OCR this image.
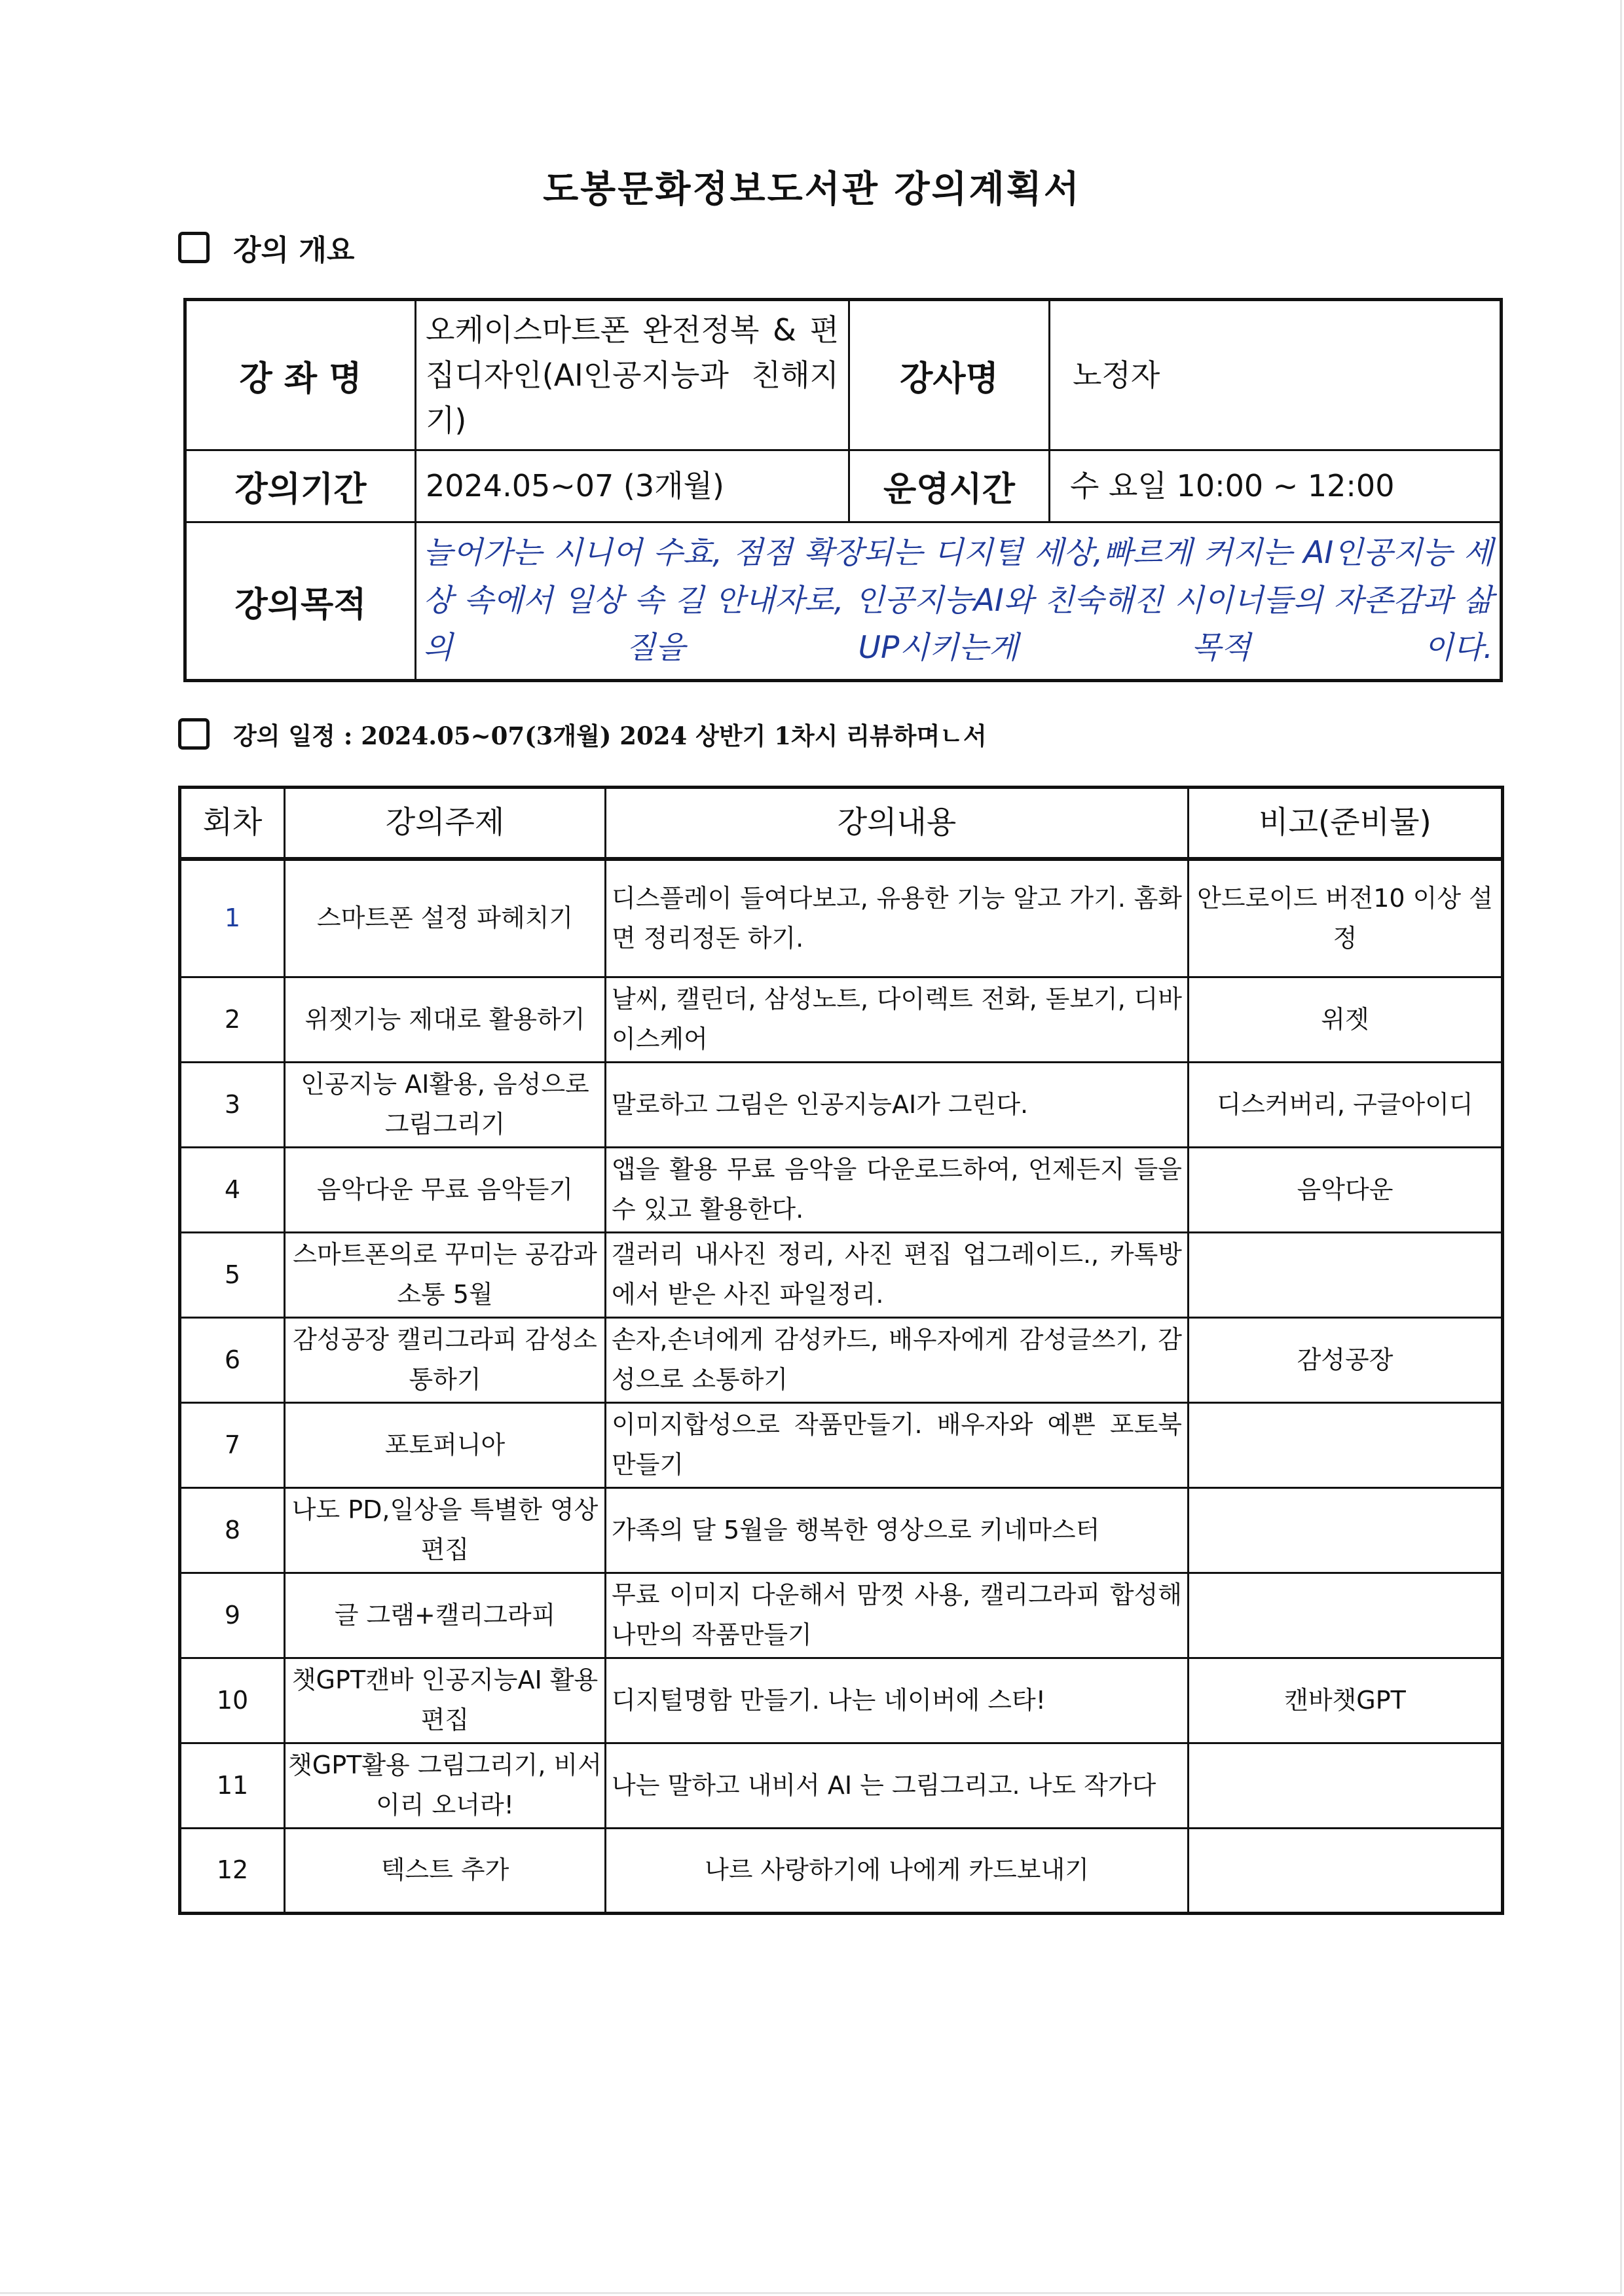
도봉문화정보도서관 강의계획서
강의 개요
강 좌 명	오케이스마트폰 완전정복 & 편집디자인(AI인공지능과 친해지기)	강사명	노정자
강의기간	2024.05~07 (3개월)	운영시간	수 요일 10:00 ~ 12:00
강의목적	늘어가는 시니어 수효, 점점 확장되는 디지털 세상,빠르게 커지는 AI인공지능 세상 속에서 일상 속 길 안내자로, 인공지능AI와 친숙해진 시이너들의 자존감과 삶의 질을 UP시키는게 목적 이다.		
강의 일정 : 2024.05~07(3개월) 2024 상반기 1차시 리뷰하며ㄴ서
회차	강의주제	강의내용	비고(준비물)
1	스마트폰 설정 파헤치기	디스플레이 들여다보고, 유용한 기능 알고 가기. 홈화면 정리정돈 하기.	안드로이드 버전10 이상 설정
2	위젯기능 제대로 활용하기	날씨, 캘린더, 삼성노트, 다이렉트 전화, 돋보기, 디바이스케어	위젯
3	인공지능 AI활용, 음성으로 그림그리기	말로하고 그림은 인공지능AI가 그린다.	디스커버리, 구글아이디
4	음악다운 무료 음악듣기	앱을 활용 무료 음악을 다운로드하여, 언제든지 들을 수 있고 활용한다.	음악다운
5	스마트폰의로 꾸미는 공감과 소통 5월	갤러리 내사진 정리, 사진 편집 업그레이드., 카톡방에서 받은 사진 파일정리.	
6	감성공장 캘리그라피 감성소통하기	손자,손녀에게 감성카드, 배우자에게 감성글쓰기, 감성으로 소통하기	감성공장
7	포토퍼니아	이미지합성으로 작품만들기. 배우자와 예쁜 포토북 만들기	
8	나도 PD,일상을 특별한 영상 편집	가족의 달 5월을 행복한 영상으로 키네마스터	
9	글 그램+캘리그라피	무료 이미지 다운해서 맘껏 사용, 캘리그라피 합성해 나만의 작품만들기	
10	챗GPT캔바 인공지능AI 활용 편집	디지털명함 만들기. 나는 네이버에 스타!	캔바챗GPT
11	챗GPT활용 그림그리기, 비서 이리 오너라!	나는 말하고 내비서 AI 는 그림그리고. 나도 작가다	
12	텍스트 추가	나르 사랑하기에 나에게 카드보내기	
